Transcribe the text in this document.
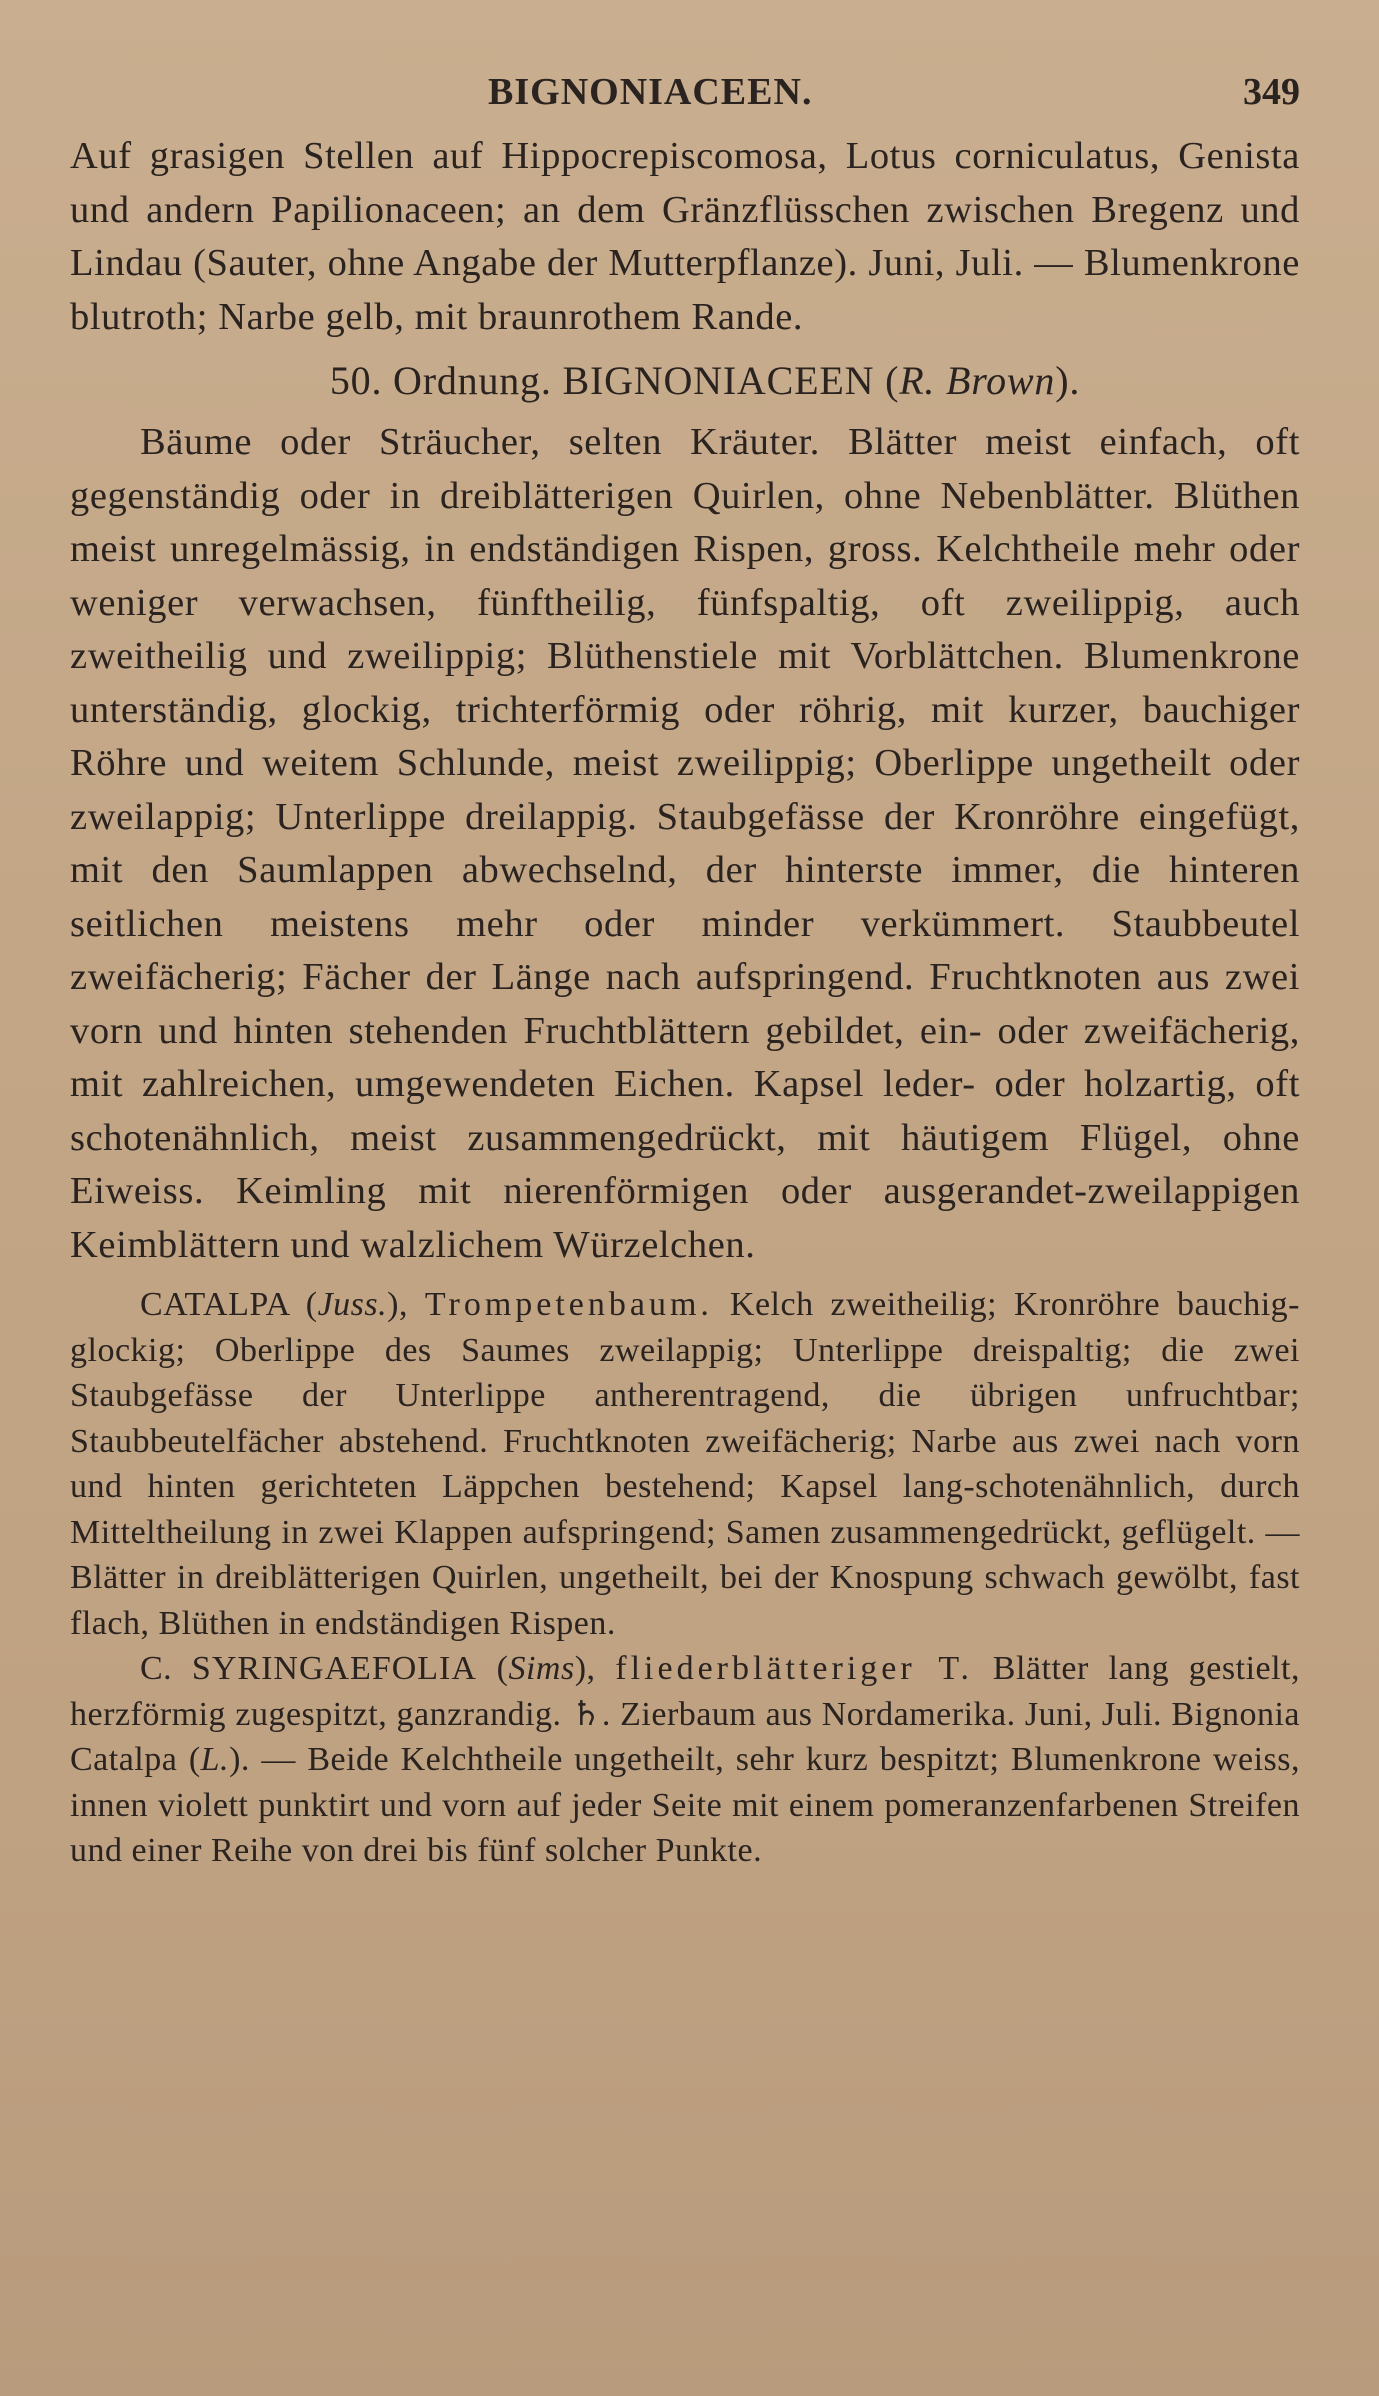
BIGNONIACEEN.	349

Auf grasigen Stellen auf Hippocrepiscomosa, Lotus corniculatus, Genista und andern Papilionaceen; an dem Gränzflüsschen zwischen Bregenz und Lindau (Sauter, ohne Angabe der Mutterpflanze). Juni, Juli. — Blumenkrone blutroth; Narbe gelb, mit braunrothem Rande.

50. Ordnung. BIGNONIACEEN (R. Brown).

Bäume oder Sträucher, selten Kräuter. Blätter meist einfach, oft gegenständig oder in dreiblätterigen Quirlen, ohne Nebenblätter. Blüthen meist unregelmässig, in endständigen Rispen, gross. Kelchtheile mehr oder weniger verwachsen, fünftheilig, fünfspaltig, oft zweilippig, auch zweitheilig und zweilippig; Blüthenstiele mit Vorblättchen. Blumenkrone unterständig, glockig, trichterförmig oder röhrig, mit kurzer, bauchiger Röhre und weitem Schlunde, meist zweilippig; Oberlippe ungetheilt oder zweilappig; Unterlippe dreilappig. Staubgefässe der Kronröhre eingefügt, mit den Saumlappen abwechselnd, der hinterste immer, die hinteren seitlichen meistens mehr oder minder verkümmert. Staubbeutel zweifächerig; Fächer der Länge nach aufspringend. Fruchtknoten aus zwei vorn und hinten stehenden Fruchtblättern gebildet, ein- oder zweifächerig, mit zahlreichen, umgewendeten Eichen. Kapsel leder- oder holzartig, oft schotenähnlich, meist zusammengedrückt, mit häutigem Flügel, ohne Eiweiss. Keimling mit nierenförmigen oder ausgerandet-zweilappigen Keimblättern und walzlichem Würzelchen.

CATALPA (Juss.), Trompetenbaum. Kelch zweitheilig; Kronröhre bauchig-glockig; Oberlippe des Saumes zweilappig; Unterlippe dreispaltig; die zwei Staubgefässe der Unterlippe antherentragend, die übrigen unfruchtbar; Staubbeutelfächer abstehend. Fruchtknoten zweifächerig; Narbe aus zwei nach vorn und hinten gerichteten Läppchen bestehend; Kapsel lang-schotenähnlich, durch Mitteltheilung in zwei Klappen aufspringend; Samen zusammengedrückt, geflügelt. — Blätter in dreiblätterigen Quirlen, ungetheilt, bei der Knospung schwach gewölbt, fast flach, Blüthen in endständigen Rispen.

C. SYRINGAEFOLIA (Sims), fliederblätteriger T. Blätter lang gestielt, herzförmig zugespitzt, ganzrandig. ♄. Zierbaum aus Nordamerika. Juni, Juli. Bignonia Catalpa (L.). — Beide Kelchtheile ungetheilt, sehr kurz bespitzt; Blumenkrone weiss, innen violett punktirt und vorn auf jeder Seite mit einem pomeranzenfarbenen Streifen und einer Reihe von drei bis fünf solcher Punkte.
